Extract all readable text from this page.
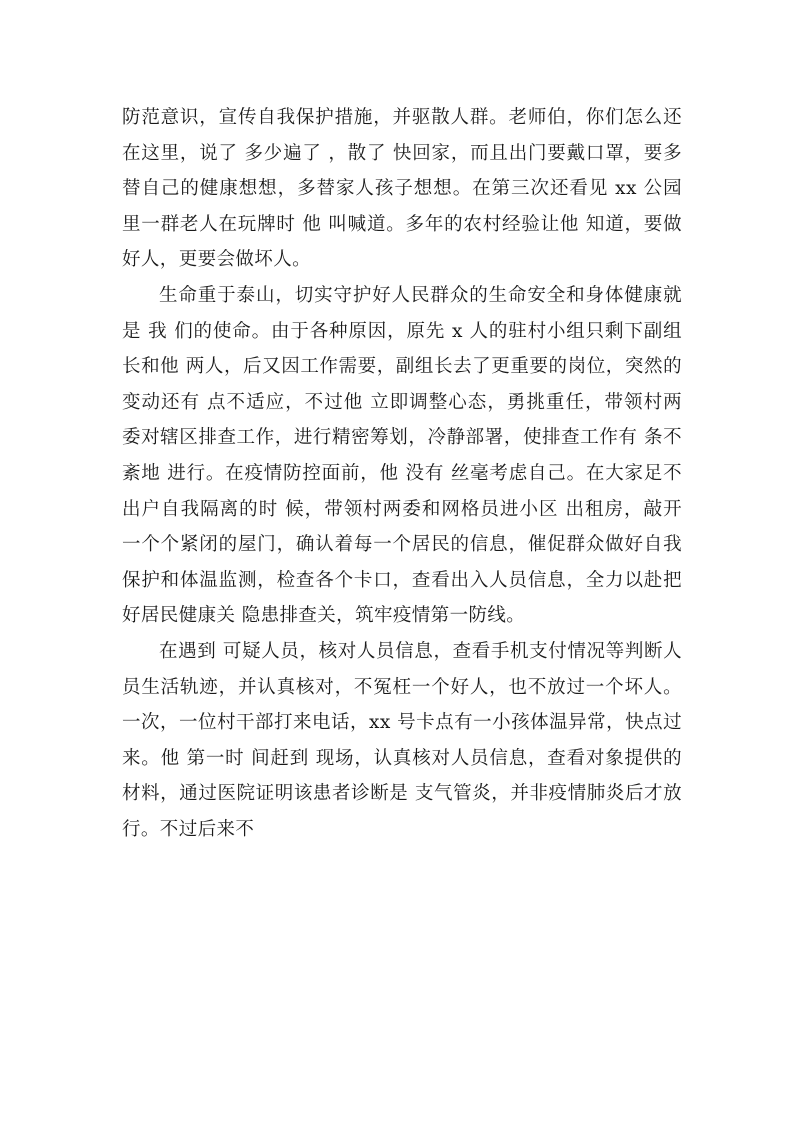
防范意识，宣传自我保护措施，并驱散人群。老师伯，你们怎么还在这里，说了 多少遍了 ，散了 快回家，而且出门要戴口罩，要多替自己的健康想想，多替家人孩子想想。在第三次还看见 xx 公园里一群老人在玩牌时 他 叫喊道。多年的农村经验让他 知道，要做好人，更要会做坏人。

生命重于泰山，切实守护好人民群众的生命安全和身体健康就是 我 们的使命。由于各种原因，原先 x 人的驻村小组只剩下副组长和他 两人，后又因工作需要，副组长去了更重要的岗位，突然的变动还有 点不适应，不过他 立即调整心态，勇挑重任，带领村两委对辖区排查工作，进行精密筹划，冷静部署，使排查工作有 条不紊地 进行。在疫情防控面前，他 没有 丝毫考虑自己。在大家足不出户自我隔离的时 候，带领村两委和网格员进小区 出租房，敲开一个个紧闭的屋门，确认着每一个居民的信息，催促群众做好自我保护和体温监测，检查各个卡口，查看出入人员信息，全力以赴把好居民健康关 隐患排查关，筑牢疫情第一防线。

在遇到 可疑人员，核对人员信息，查看手机支付情况等判断人员生活轨迹，并认真核对，不冤枉一个好人，也不放过一个坏人。一次，一位村干部打来电话，xx 号卡点有一小孩体温异常，快点过来。他 第一时 间赶到 现场，认真核对人员信息，查看对象提供的材料，通过医院证明该患者诊断是 支气管炎，并非疫情肺炎后才放行。不过后来不
